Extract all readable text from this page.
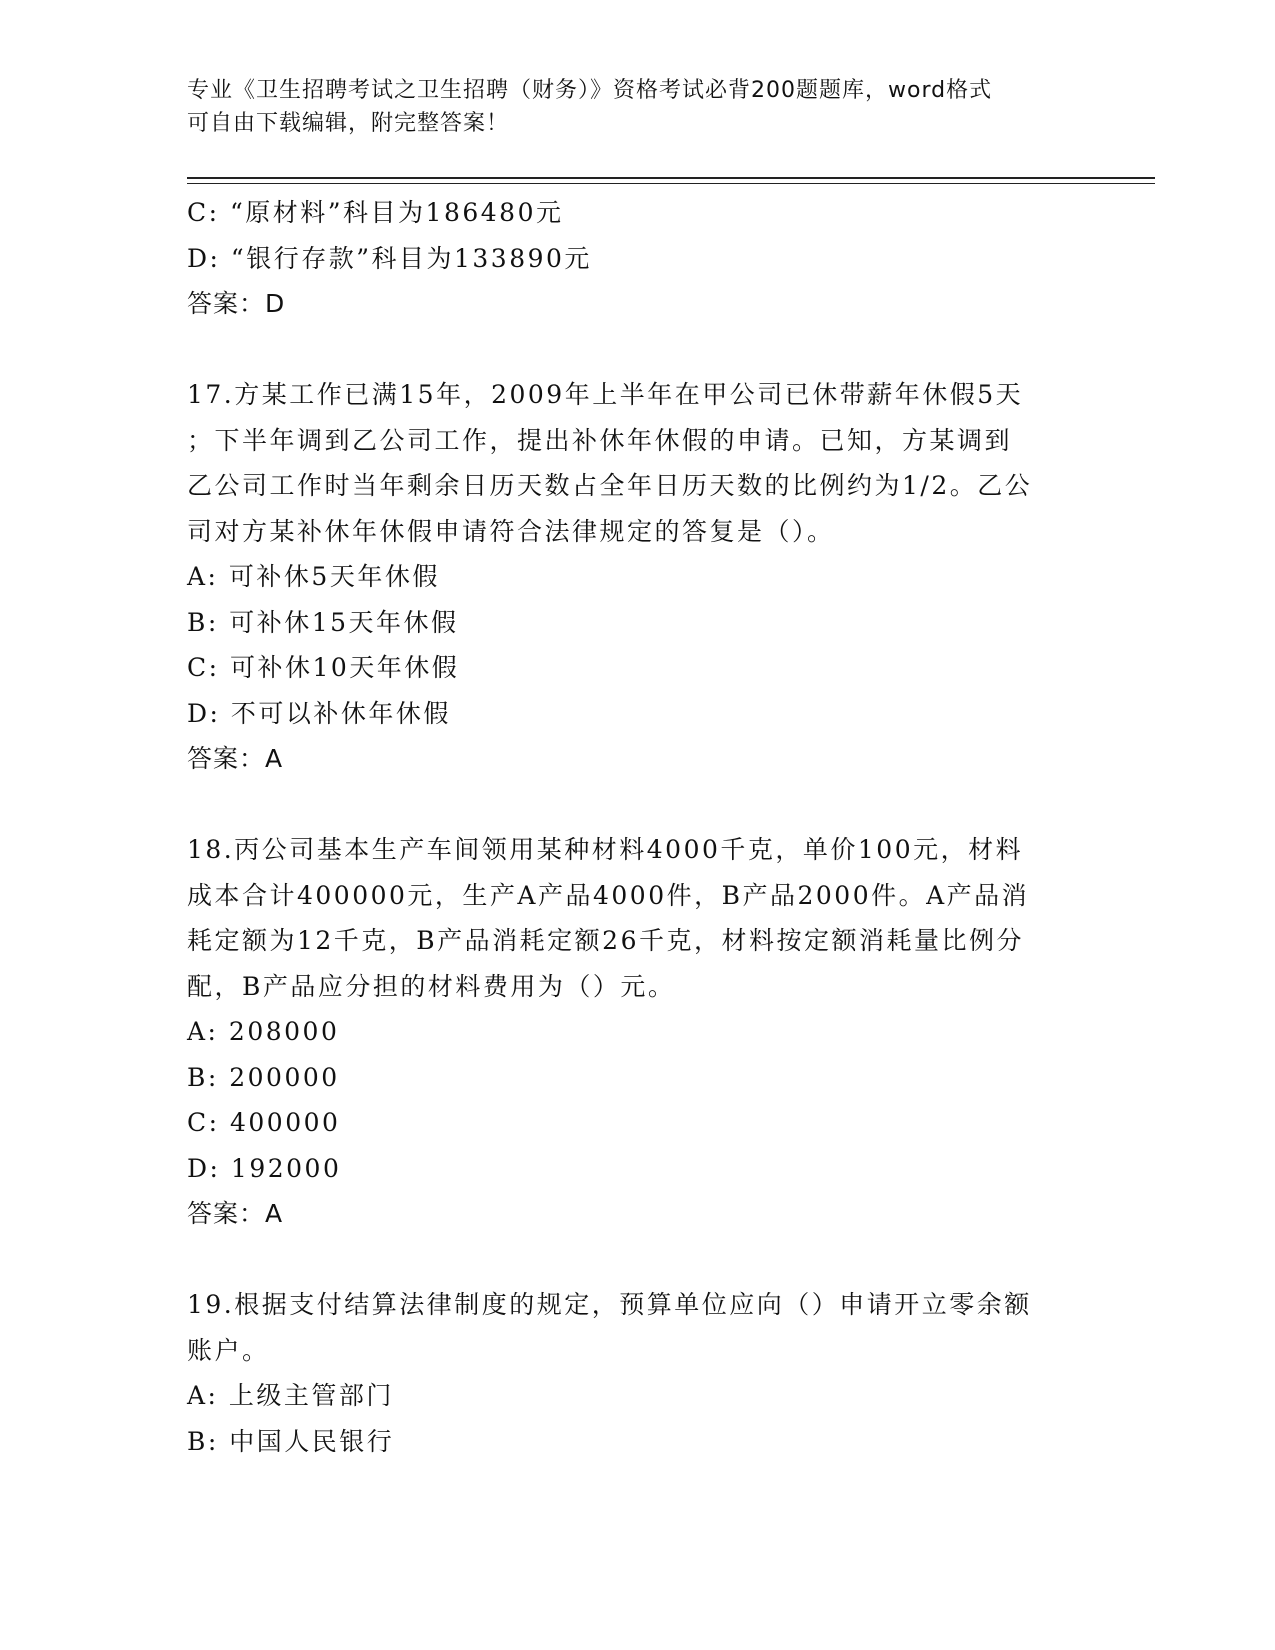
专业《卫生招聘考试之卫生招聘（财务）》资格考试必背200题题库，word格式
可自由下载编辑，附完整答案！
C: “原材料”科目为186480元
D: “银行存款”科目为133890元
答案：D
17.方某工作已满15年，2009年上半年在甲公司已休带薪年休假5天
；下半年调到乙公司工作，提出补休年休假的申请。已知，方某调到
乙公司工作时当年剩余日历天数占全年日历天数的比例约为1/2。乙公
司对方某补休年休假申请符合法律规定的答复是（）。
A: 可补休5天年休假
B: 可补休15天年休假
C: 可补休10天年休假
D: 不可以补休年休假
答案：A
18.丙公司基本生产车间领用某种材料4000千克，单价100元，材料
成本合计400000元，生产A产品4000件，B产品2000件。A产品消
耗定额为12千克，B产品消耗定额26千克，材料按定额消耗量比例分
配，B产品应分担的材料费用为（）元。
A: 208000
B: 200000
C: 400000
D: 192000
答案：A
19.根据支付结算法律制度的规定，预算单位应向（）申请开立零余额
账户。
A: 上级主管部门
B: 中国人民银行
